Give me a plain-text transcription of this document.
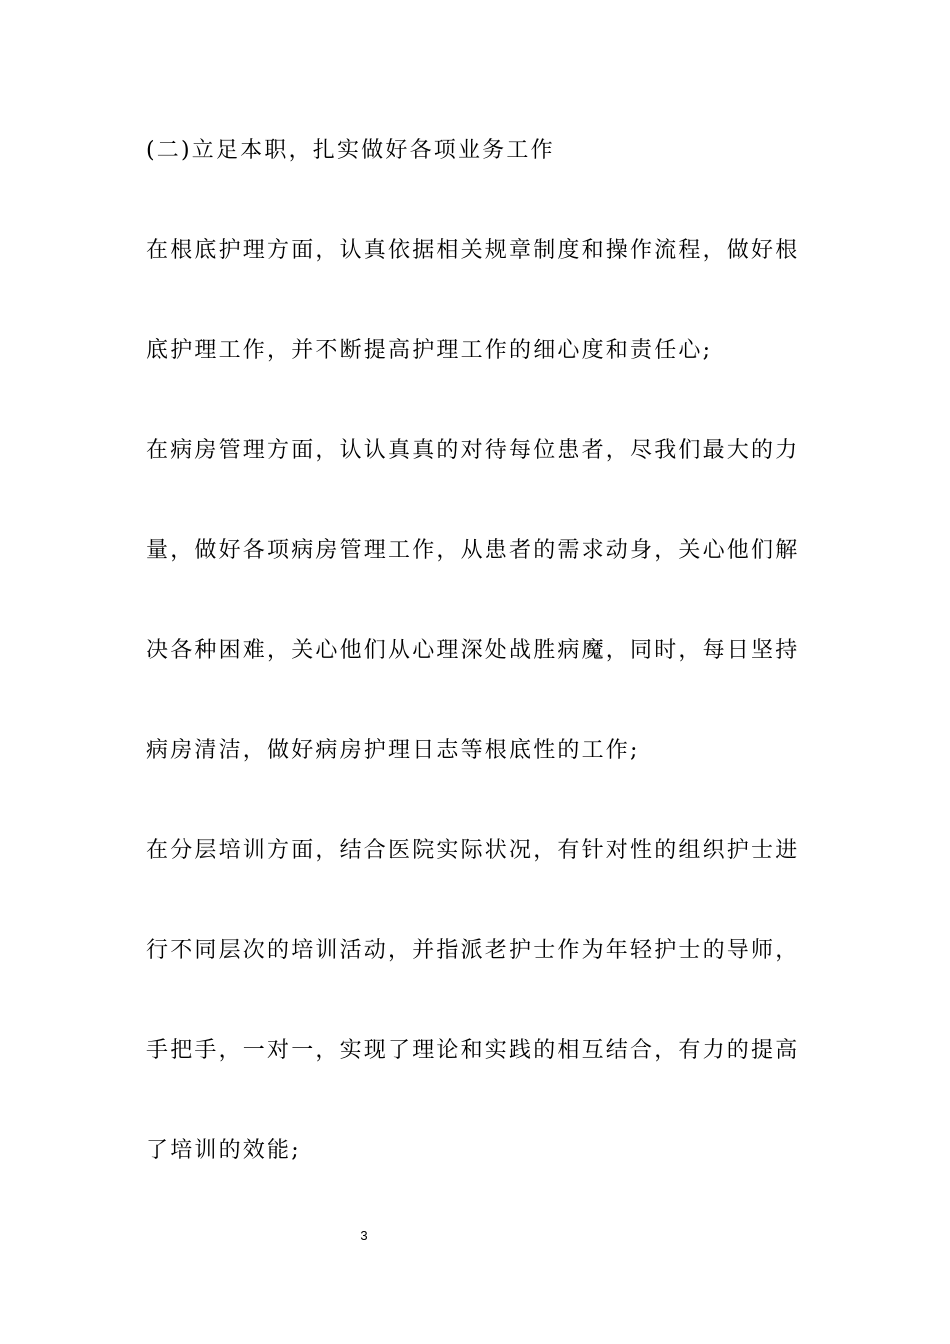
(二)立足本职，扎实做好各项业务工作
在根底护理方面，认真依据相关规章制度和操作流程，做好根
底护理工作，并不断提高护理工作的细心度和责任心;
在病房管理方面，认认真真的对待每位患者，尽我们最大的力
量，做好各项病房管理工作，从患者的需求动身，关心他们解
决各种困难，关心他们从心理深处战胜病魔，同时，每日坚持
病房清洁，做好病房护理日志等根底性的工作;
在分层培训方面，结合医院实际状况，有针对性的组织护士进
行不同层次的培训活动，并指派老护士作为年轻护士的导师，
手把手，一对一，实现了理论和实践的相互结合，有力的提高
了培训的效能;
3
